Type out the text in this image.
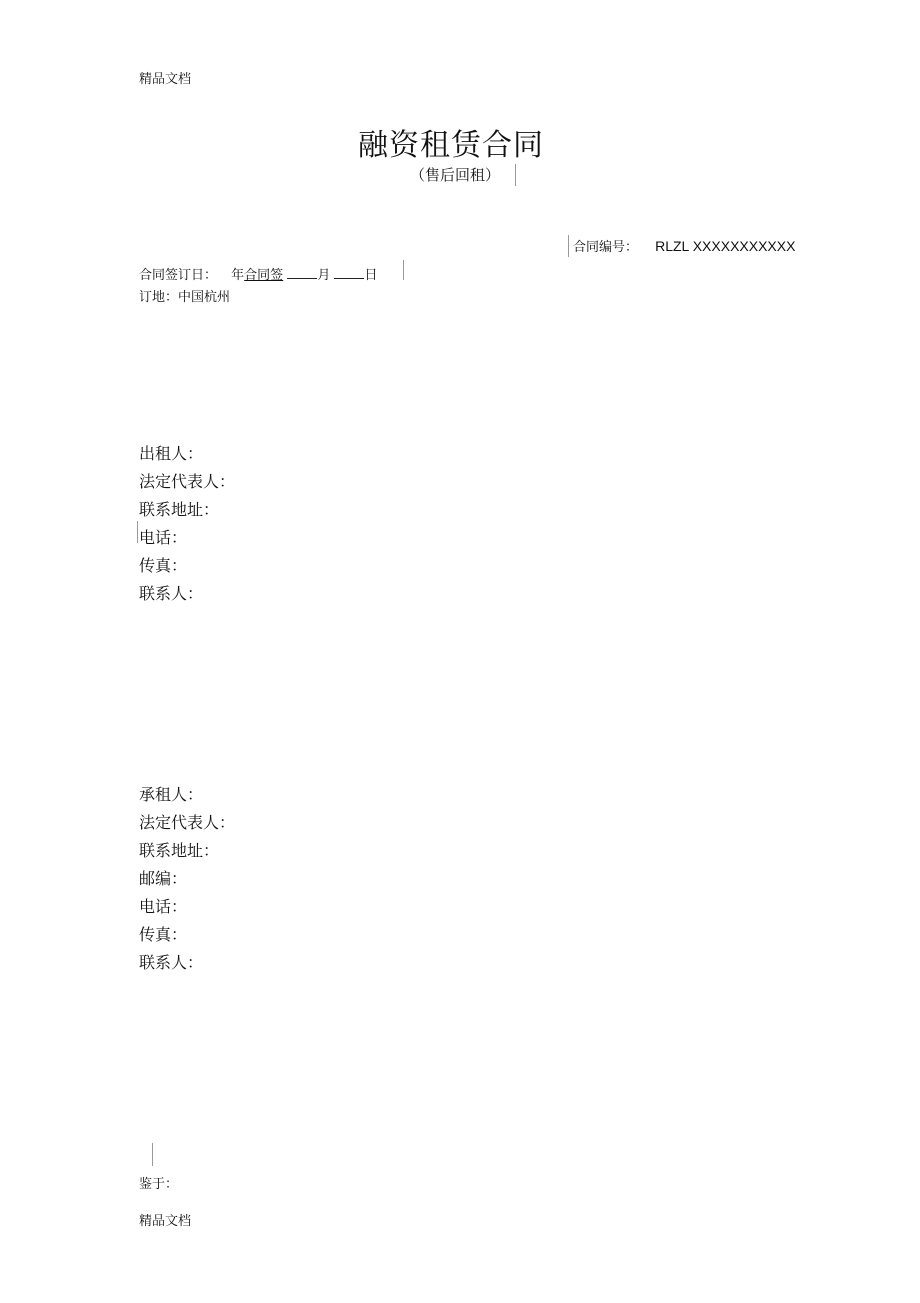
精品文档
融资租赁合同
（售后回租）
合同编号： RLZL XXXXXXXXXXX
合同签订日： 年合同签	月	日
订地：中国杭州
出租人：
法定代表人：
联系地址：
电话：
传真：
联系人：
承租人：
法定代表人：
联系地址：
邮编：
电话：
传真：
联系人：
鉴于：
精品文档
